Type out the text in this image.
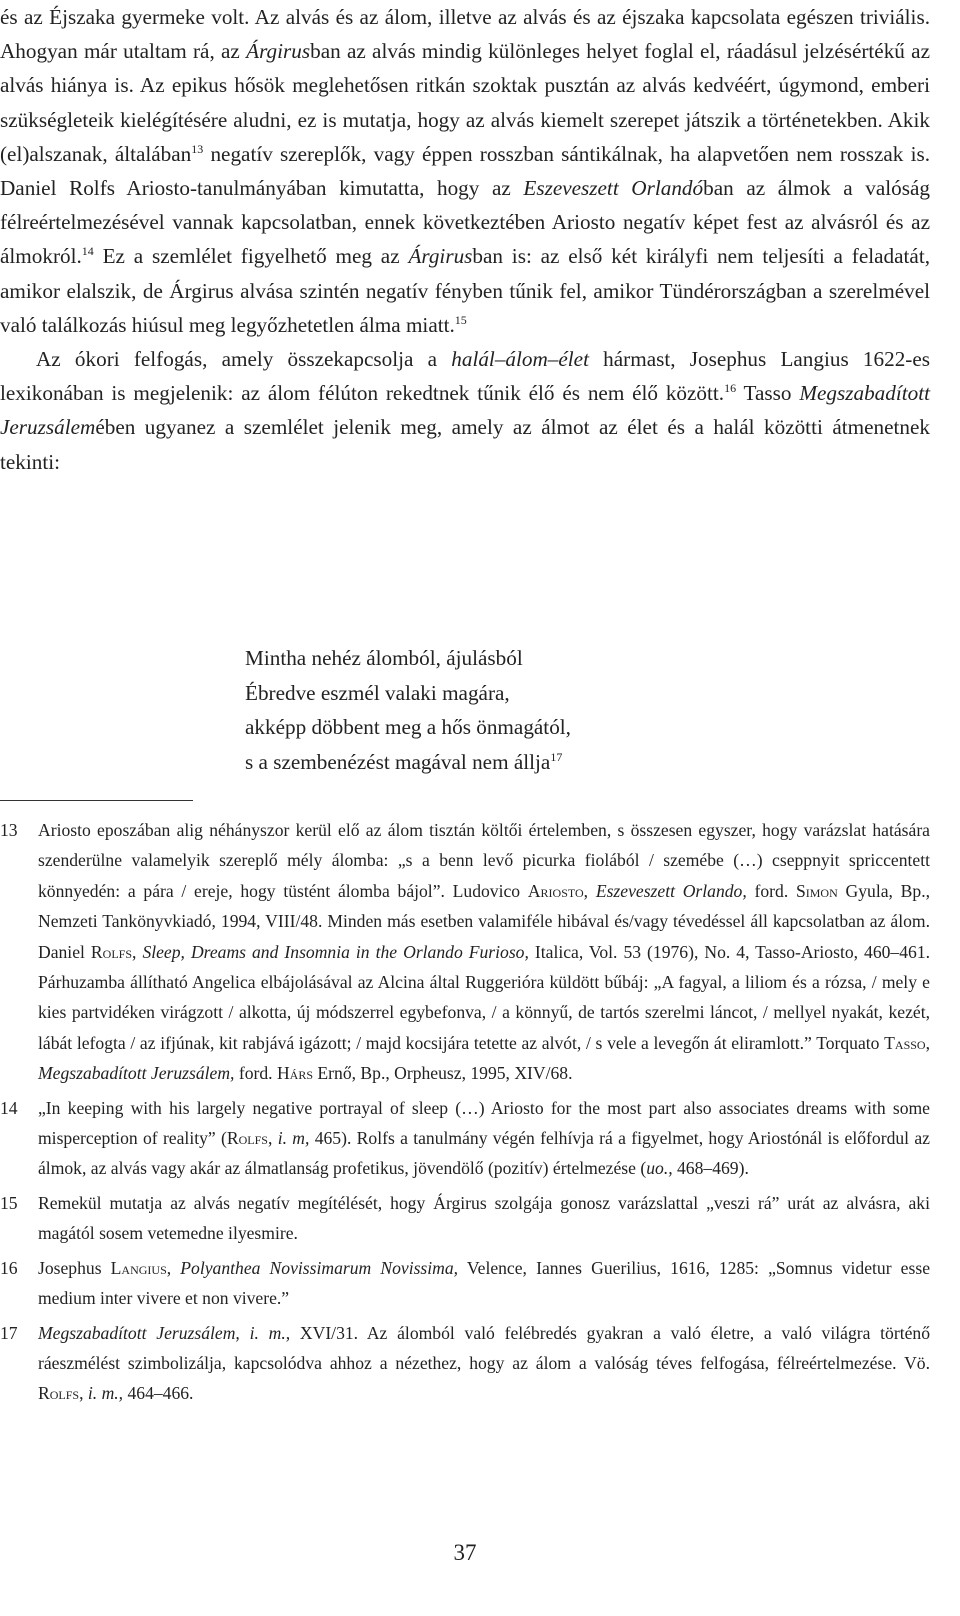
és az Éjszaka gyermeke volt. Az alvás és az álom, illetve az alvás és az éjszaka kapcsolata egészen triviális. Ahogyan már utaltam rá, az Árgirusban az alvás mindig különleges helyet foglal el, ráadásul jelzésértékű az alvás hiánya is. Az epikus hősök meglehetősen ritkán szoktak pusztán az alvás kedvéért, úgymond, emberi szükségleteik kielégítésére aludni, ez is mutatja, hogy az alvás kiemelt szerepet játszik a történetekben. Akik (el)alszanak, általában$^{13}$ negatív szereplők, vagy éppen rosszban sántikálnak, ha alapvetően nem rosszak is. Daniel Rolfs Ariosto-tanulmányában kimutatta, hogy az Eszeveszett Orlandóban az álmok a valóság félreértelmezésével vannak kapcsolatban, ennek következtében Ariosto negatív képet fest az alvásról és az álmokról.$^{14}$ Ez a szemlélet figyelhető meg az Árgirusban is: az első két királyfi nem teljesíti a feladatát, amikor elalszik, de Árgirus alvása szintén negatív fényben tűnik fel, amikor Tündérországban a szerelmével való találkozás hiúsul meg legyőzhetetlen álma miatt.$^{15}$

Az ókori felfogás, amely összekapcsolja a halál–álom–élet hármast, Josephus Langius 1622-es lexikonában is megjelenik: az álom félúton rekedtnek tűnik élő és nem élő között.$^{16}$ Tasso Megszabadított Jeruzsálemében ugyanez a szemlélet jelenik meg, amely az álmot az élet és a halál közötti átmenetnek tekinti:

Mintha nehéz álomból, ájulásból
Ébredve eszmél valaki magára,
akképp döbbent meg a hős önmagától,
s a szembenézést magával nem állja$^{17}$
13	Ariosto eposzában alig néhányszor kerül elő az álom tisztán költői értelemben, s összesen egyszer, hogy varázslat hatására szenderülne valamelyik szereplő mély álomba: „s a benn levő picurka fiolából / szemébe (…) cseppnyit spriccentett könnyedén: a pára / ereje, hogy tüstént álomba bájol”. Ludovico Ariosto, Eszeveszett Orlando, ford. Simon Gyula, Bp., Nemzeti Tankönyvkiadó, 1994, VIII/48. Minden más esetben valamiféle hibával és/vagy tévedéssel áll kapcsolatban az álom. Daniel Rolfs, Sleep, Dreams and Insomnia in the Orlando Furioso, Italica, Vol. 53 (1976), No. 4, Tasso-Ariosto, 460–461. Párhuzamba állítható Angelica elbájolásával az Alcina által Ruggerióra küldött bűbáj: „A fagyal, a liliom és a rózsa, / mely e kies partvidéken virágzott / alkotta, új módszerrel egybefonva, / a könnyű, de tartós szerelmi láncot, / mellyel nyakát, kezét, lábát lefogta / az ifjúnak, kit rabjává igázott; / majd kocsijára tetette az alvót, / s vele a levegőn át eliramlott.” Torquato Tasso, Megszabadított Jeruzsálem, ford. Hárs Ernő, Bp., Orpheusz, 1995, XIV/68.
14	„In keeping with his largely negative portrayal of sleep (…) Ariosto for the most part also associates dreams with some misperception of reality” (Rolfs, i. m, 465). Rolfs a tanulmány végén felhívja rá a figyelmet, hogy Ariostónál is előfordul az álmok, az alvás vagy akár az álmatlanság profetikus, jövendölő (pozitív) értelmezése (uo., 468–469).
15	Remekül mutatja az alvás negatív megítélését, hogy Árgirus szolgája gonosz varázslattal „veszi rá” urát az alvásra, aki magától sosem vetemedne ilyesmire.
16	Josephus Langius, Polyanthea Novissimarum Novissima, Velence, Iannes Guerilius, 1616, 1285: „Somnus videtur esse medium inter vivere et non vivere.”
17	Megszabadított Jeruzsálem, i. m., XVI/31. Az álomból való felébredés gyakran a való életre, a való világra történő ráeszmélést szimbolizálja, kapcsolódva ahhoz a nézethez, hogy az álom a valóság téves felfogása, félreértelmezése. Vö. Rolfs, i. m., 464–466.
37
